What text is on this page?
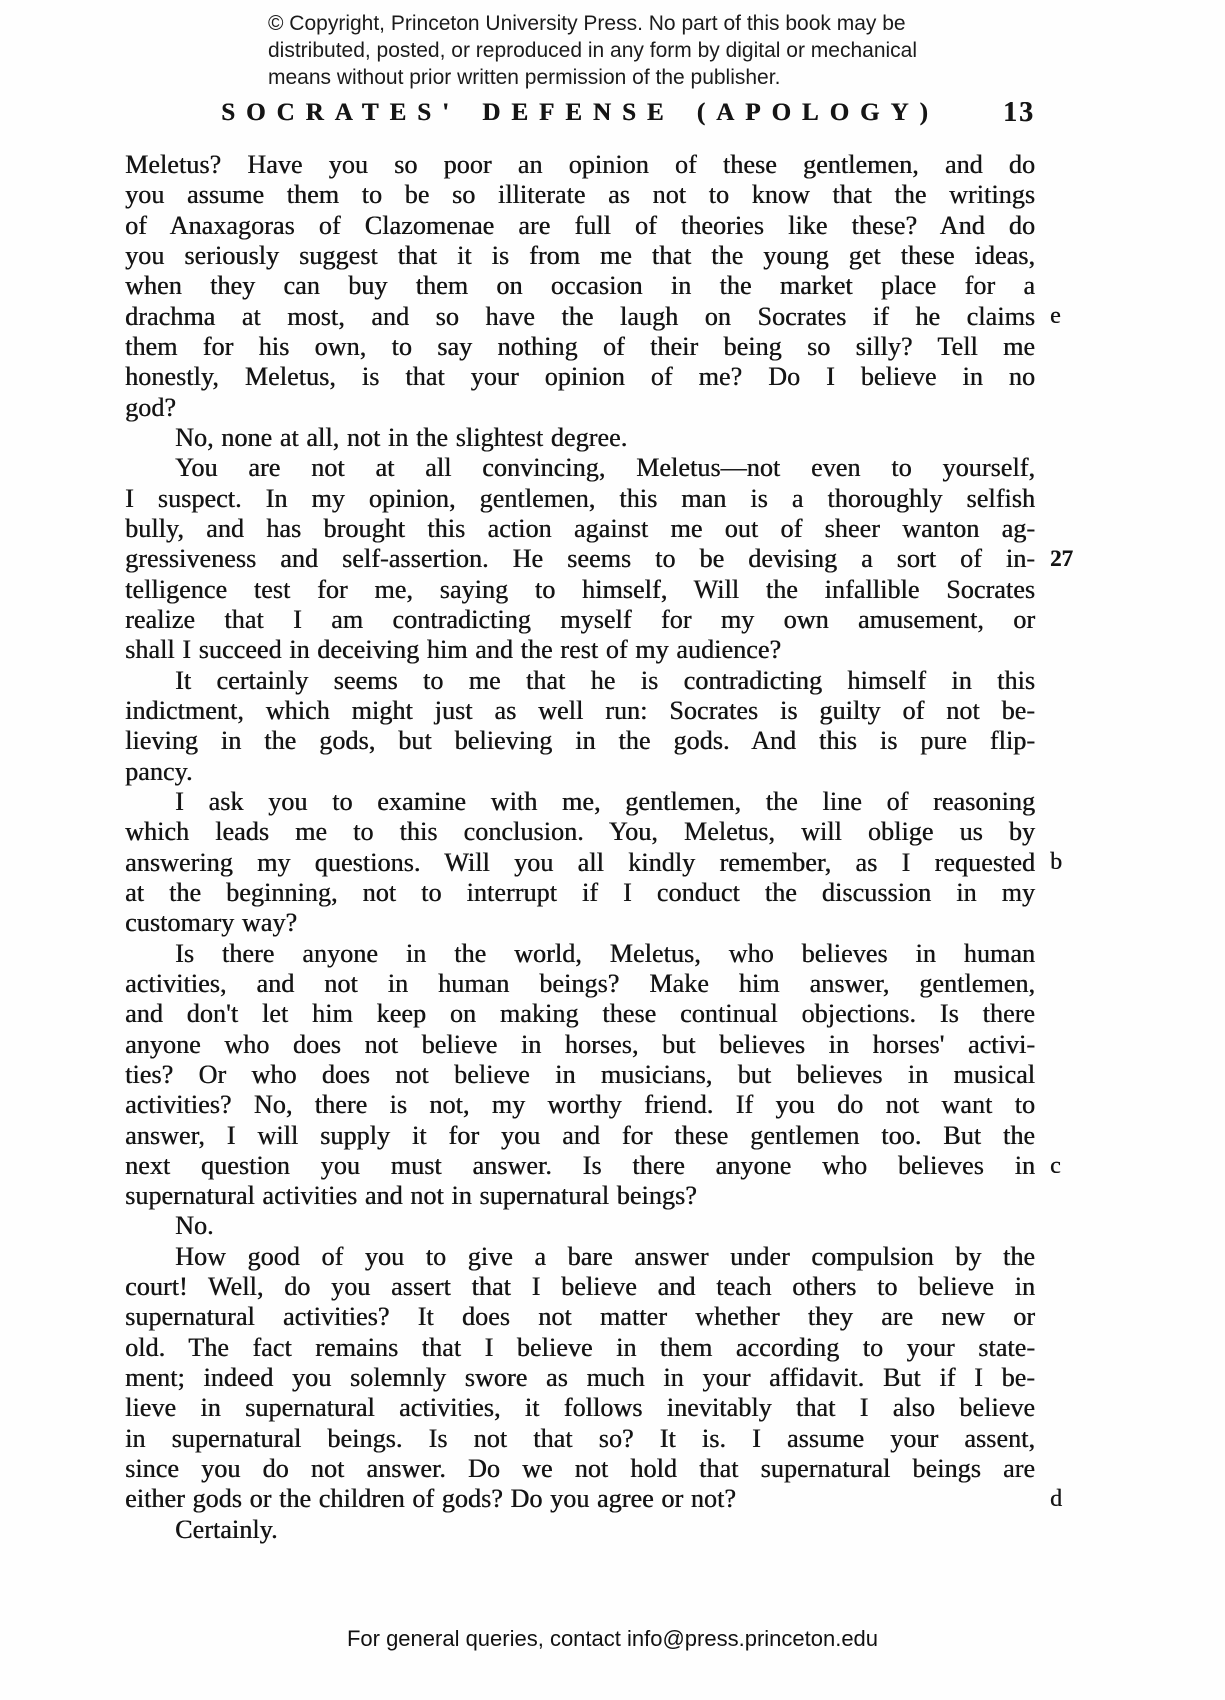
© Copyright, Princeton University Press. No part of this book may be
distributed, posted, or reproduced in any form by digital or mechanical
means without prior written permission of the publisher.
SOCRATES' DEFENSE (APOLOGY)	13
Meletus? Have you so poor an opinion of these gentlemen, and do
you assume them to be so illiterate as not to know that the writings
of Anaxagoras of Clazomenae are full of theories like these? And do
you seriously suggest that it is from me that the young get these ideas,
when they can buy them on occasion in the market place for a
drachma at most, and so have the laugh on Socrates if he claims
them for his own, to say nothing of their being so silly? Tell me
honestly, Meletus, is that your opinion of me? Do I believe in no
god?
No, none at all, not in the slightest degree.
You are not at all convincing, Meletus—not even to yourself,
I suspect. In my opinion, gentlemen, this man is a thoroughly selfish
bully, and has brought this action against me out of sheer wanton ag-
gressiveness and self-assertion. He seems to be devising a sort of in-
telligence test for me, saying to himself, Will the infallible Socrates
realize that I am contradicting myself for my own amusement, or
shall I succeed in deceiving him and the rest of my audience?
It certainly seems to me that he is contradicting himself in this
indictment, which might just as well run: Socrates is guilty of not be-
lieving in the gods, but believing in the gods. And this is pure flip-
pancy.
I ask you to examine with me, gentlemen, the line of reasoning
which leads me to this conclusion. You, Meletus, will oblige us by
answering my questions. Will you all kindly remember, as I requested
at the beginning, not to interrupt if I conduct the discussion in my
customary way?
Is there anyone in the world, Meletus, who believes in human
activities, and not in human beings? Make him answer, gentlemen,
and don't let him keep on making these continual objections. Is there
anyone who does not believe in horses, but believes in horses' activi-
ties? Or who does not believe in musicians, but believes in musical
activities? No, there is not, my worthy friend. If you do not want to
answer, I will supply it for you and for these gentlemen too. But the
next question you must answer. Is there anyone who believes in
supernatural activities and not in supernatural beings?
No.
How good of you to give a bare answer under compulsion by the
court! Well, do you assert that I believe and teach others to believe in
supernatural activities? It does not matter whether they are new or
old. The fact remains that I believe in them according to your state-
ment; indeed you solemnly swore as much in your affidavit. But if I be-
lieve in supernatural activities, it follows inevitably that I also believe
in supernatural beings. Is not that so? It is. I assume your assent,
since you do not answer. Do we not hold that supernatural beings are
either gods or the children of gods? Do you agree or not?
Certainly.
e
27
b
c
d
For general queries, contact info@press.princeton.edu
